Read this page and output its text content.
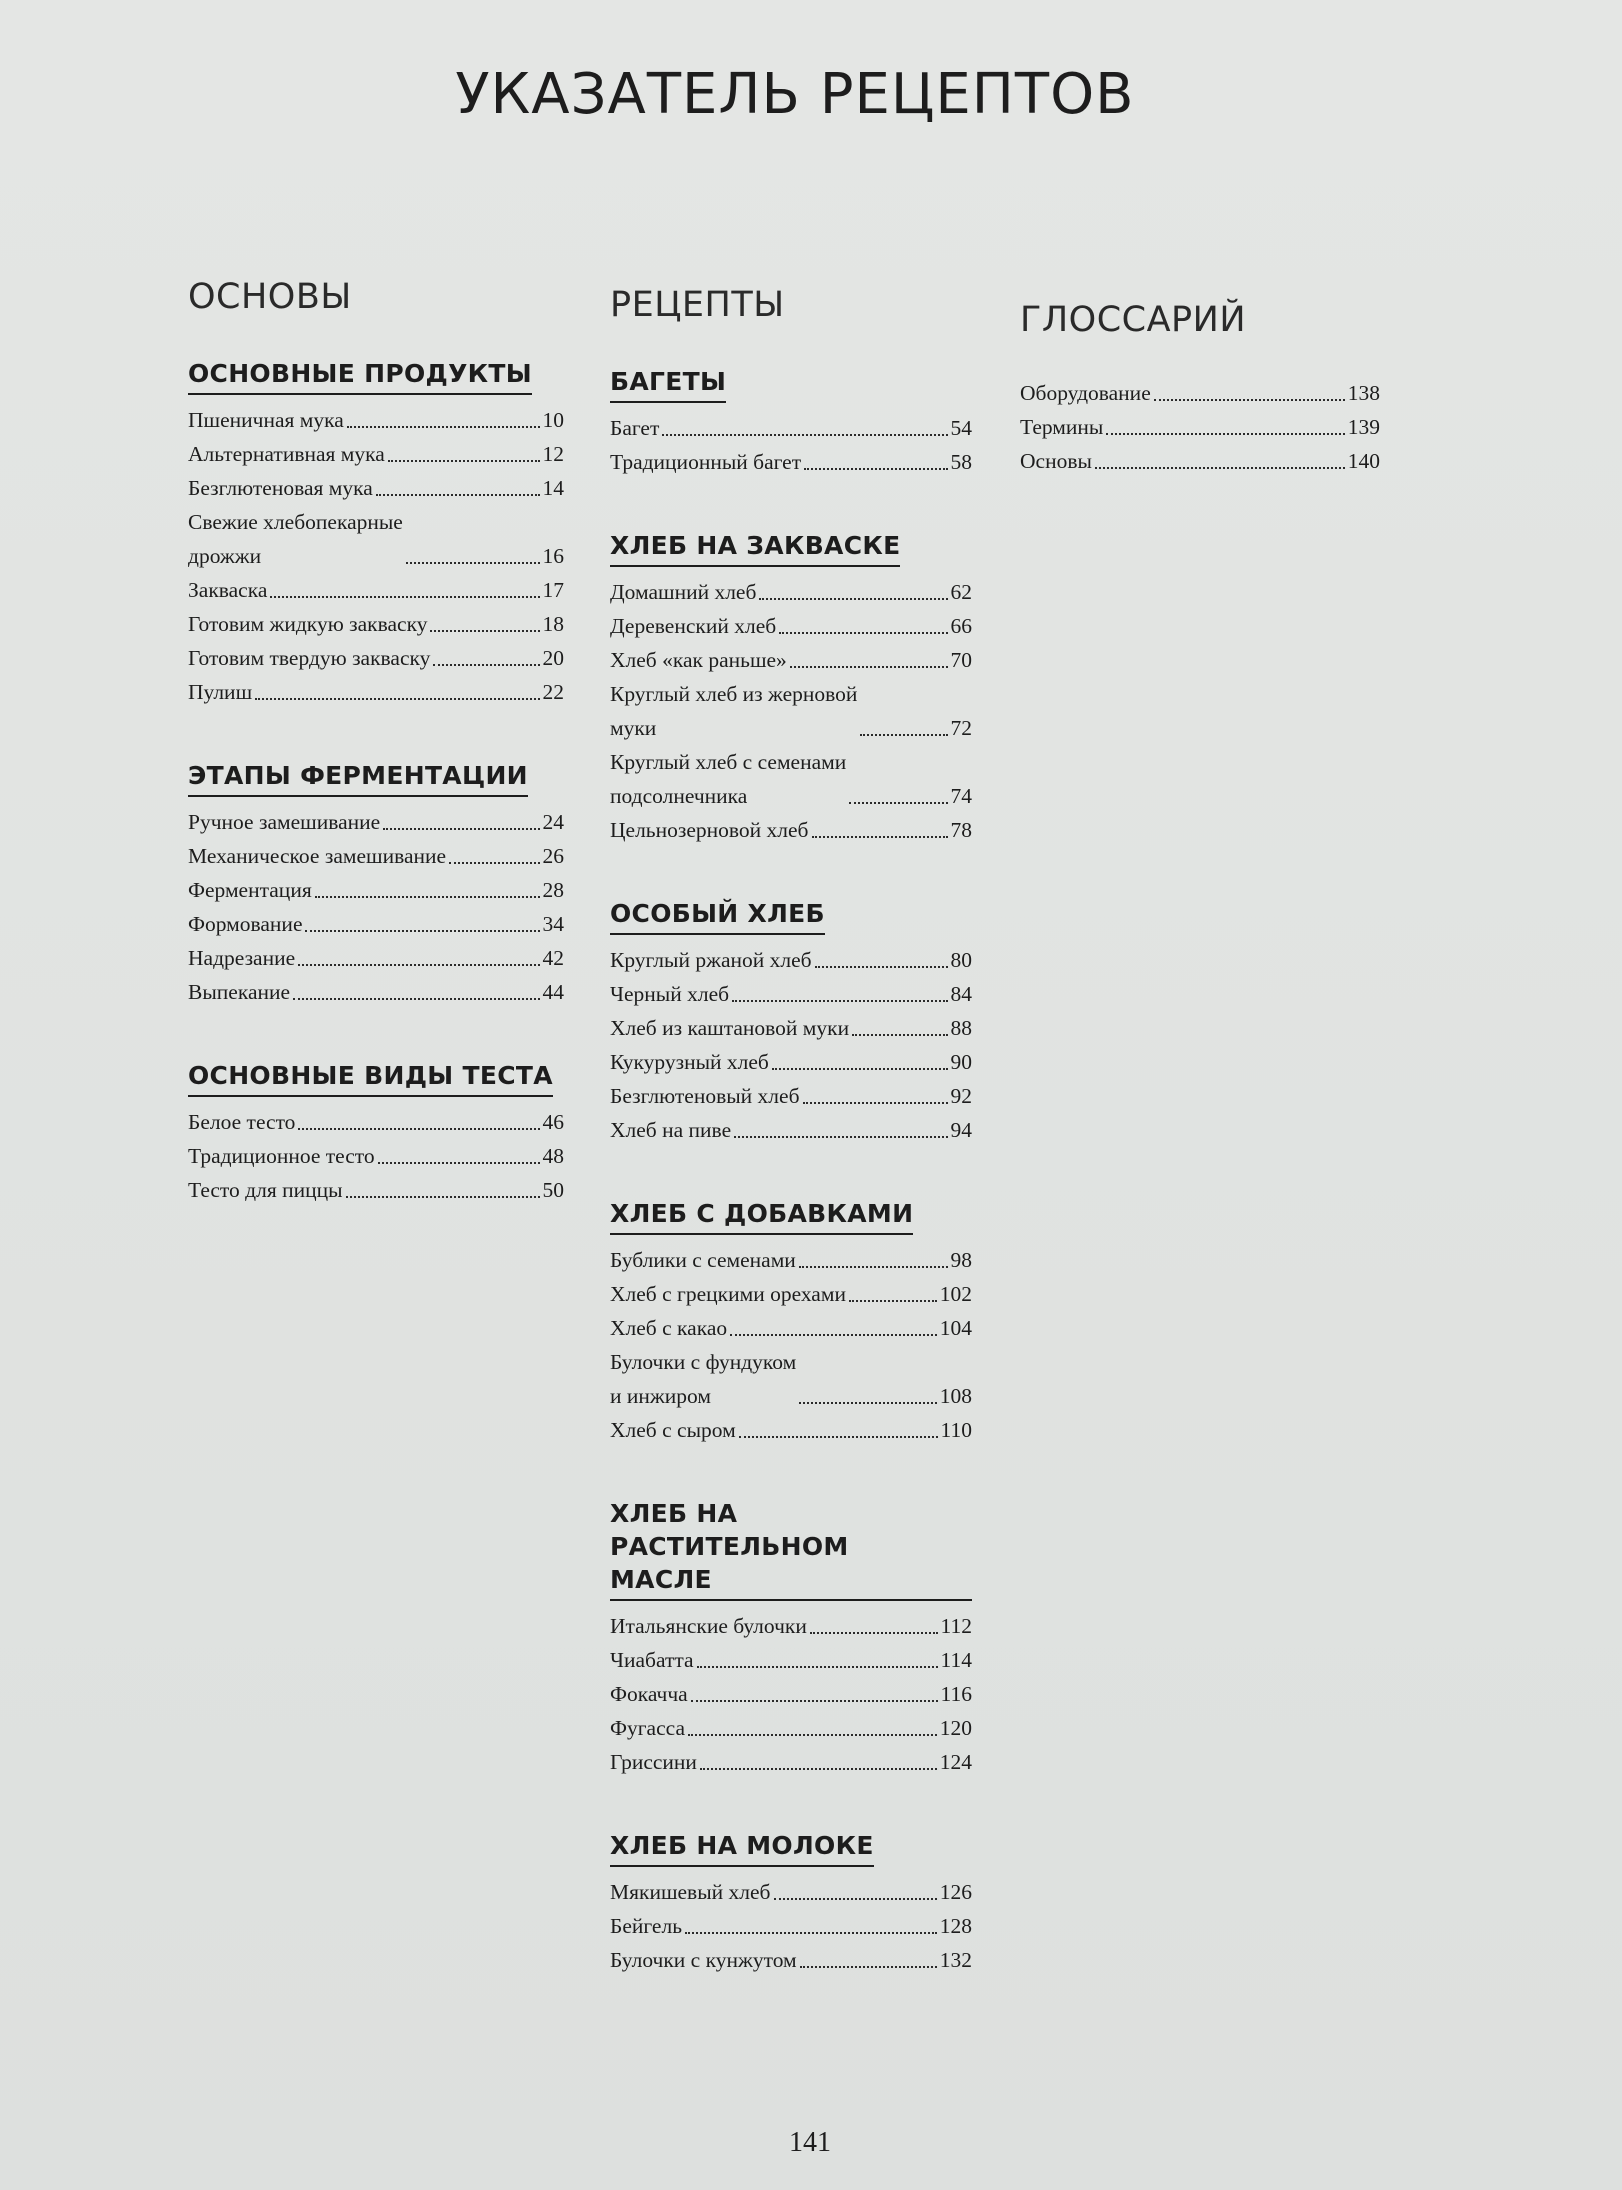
УКАЗАТЕЛЬ РЕЦЕПТОВ
ОСНОВЫ
ОСНОВНЫЕ ПРОДУКТЫ
Пшеничная мука	10
Альтернативная мука	12
Безглютеновая мука	14
Свежие хлебопекарные
дрожжи	16
Закваска	17
Готовим жидкую закваску	18
Готовим твердую закваску	20
Пулиш	22
ЭТАПЫ ФЕРМЕНТАЦИИ
Ручное замешивание	24
Механическое замешивание	26
Ферментация	28
Формование	34
Надрезание	42
Выпекание	44
ОСНОВНЫЕ ВИДЫ ТЕСТА
Белое тесто	46
Традиционное тесто	48
Тесто для пиццы	50
РЕЦЕПТЫ
БАГЕТЫ
Багет	54
Традиционный багет	58
ХЛЕБ НА ЗАКВАСКЕ
Домашний хлеб	62
Деревенский хлеб	66
Хлеб «как раньше»	70
Круглый хлеб из жерновой
муки	72
Круглый хлеб с семенами
подсолнечника	74
Цельнозерновой хлеб	78
ОСОБЫЙ ХЛЕБ
Круглый ржаной хлеб	80
Черный хлеб	84
Хлеб из каштановой муки	88
Кукурузный хлеб	90
Безглютеновый хлеб	92
Хлеб на пиве	94
ХЛЕБ С ДОБАВКАМИ
Бублики с семенами	98
Хлеб с грецкими орехами	102
Хлеб с какао	104
Булочки с фундуком
и инжиром	108
Хлеб с сыром	110
ХЛЕБ НА РАСТИТЕЛЬНОМ
МАСЛЕ
Итальянские булочки	112
Чиабатта	114
Фокачча	116
Фугасса	120
Гриссини	124
ХЛЕБ НА МОЛОКЕ
Мякишевый хлеб	126
Бейгель	128
Булочки с кунжутом	132
ГЛОССАРИЙ
Оборудование	138
Термины	139
Основы	140
141
